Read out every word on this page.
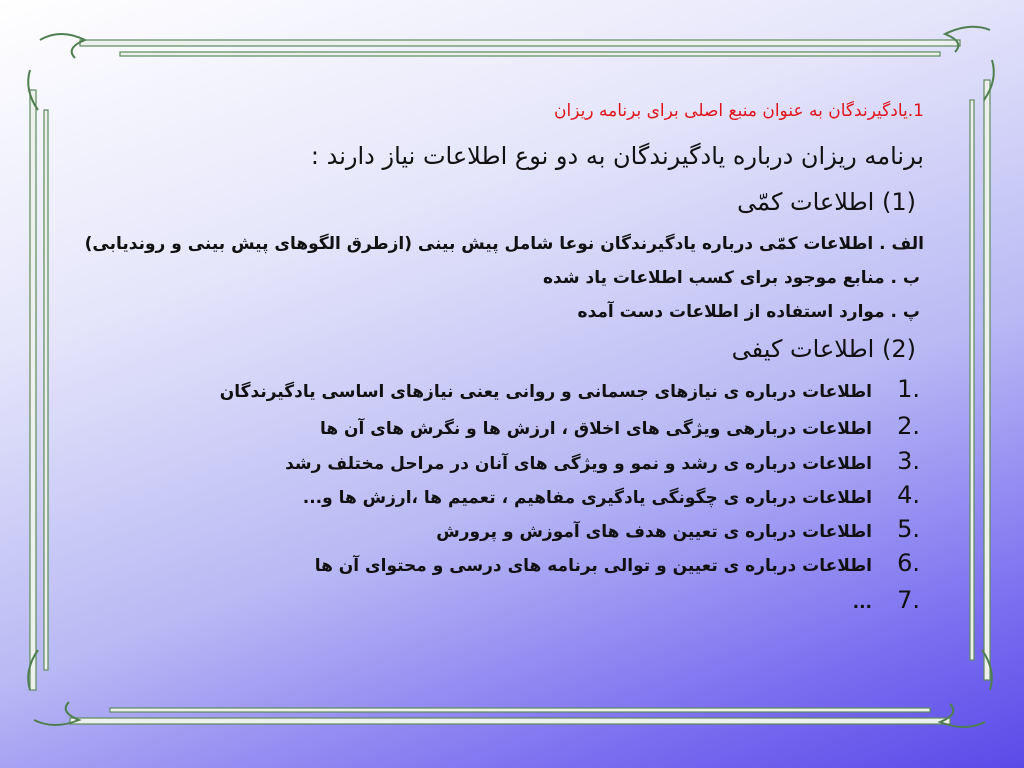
1.یادگیرندگان به عنوان منبع اصلی برای برنامه ریزان
برنامه ریزان درباره یادگیرندگان به دو نوع اطلاعات نیاز دارند :
(1) اطلاعات کمّی
الف . اطلاعات کمّی درباره یادگیرندگان نوعا شامل پیش بینی (ازطرق الگوهای پیش بینی و روندیابی)
ب . منابع موجود برای کسب اطلاعات یاد شده
پ . موارد استفاده از اطلاعات دست آمده
(2) اطلاعات کیفی
1.اطلاعات درباره ی نیازهای جسمانی و روانی یعنی نیازهای اساسی یادگیرندگان
2.اطلاعات دربارهی ویژگی های اخلاق ، ارزش ها و نگرش های آن ها
3.اطلاعات درباره ی رشد و نمو و ویژگی های آنان در مراحل مختلف رشد
4.اطلاعات درباره ی چگونگی یادگیری مفاهیم ، تعمیم ها ،ارزش ها و...
5.اطلاعات درباره ی تعیین هدف های آموزش و پرورش
6.اطلاعات درباره ی تعیین و توالی برنامه های درسی و محتوای آن ها
7....
